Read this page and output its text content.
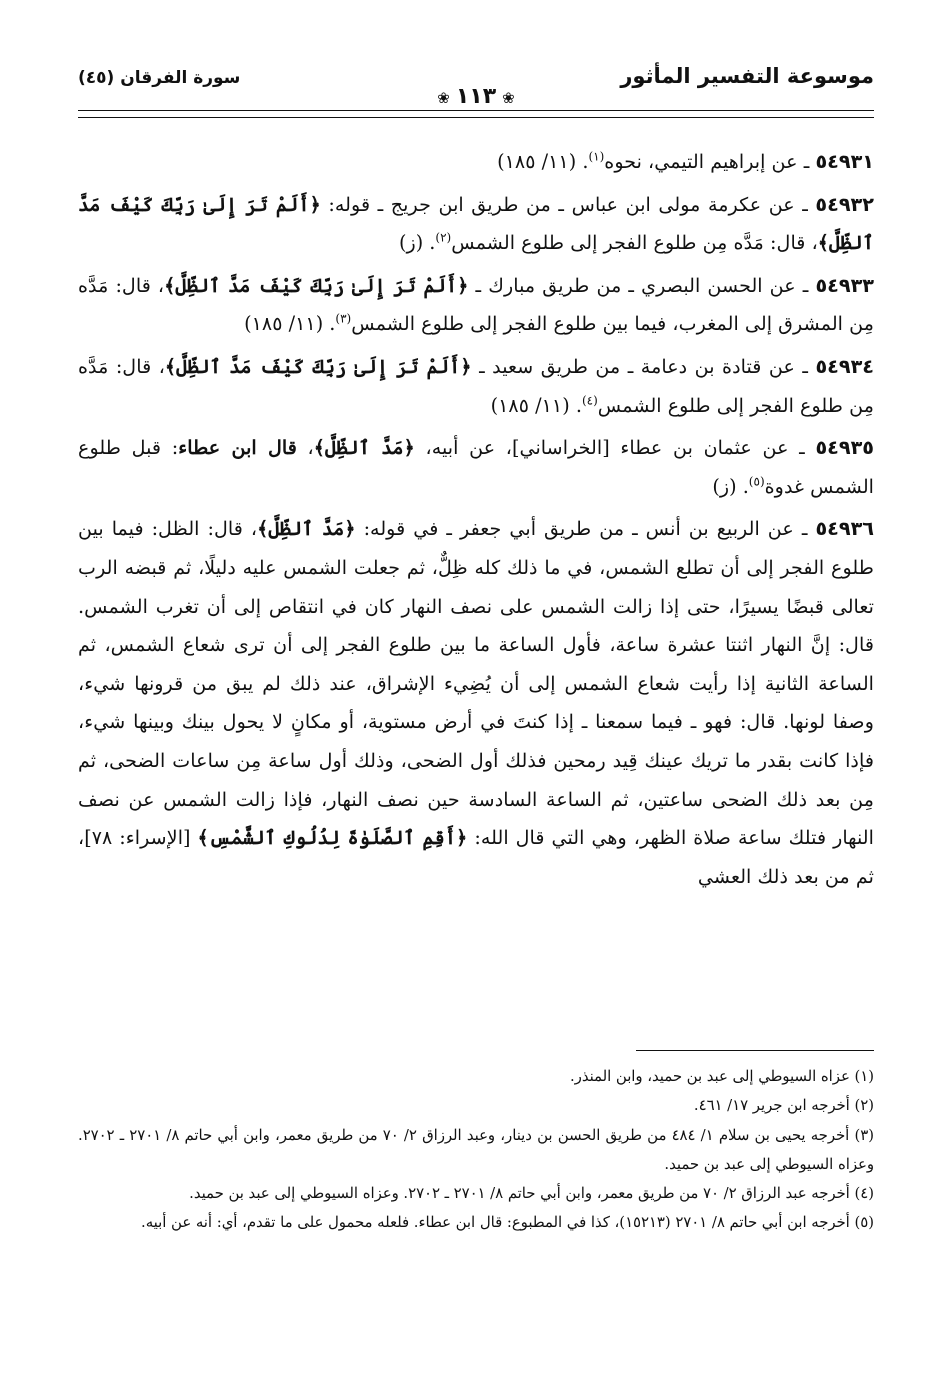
موسوعة التفسير المأثور
❀١١٣❀
سورة الفرقان (٤٥)

٥٤٩٣١ ـ عن إبراهيم التيمي، نحوه$^{(١)}$. (١١/ ١٨٥)

٥٤٩٣٢ ـ عن عكرمة مولى ابن عباس ـ من طريق ابن جريج ـ قوله: ﴿أَلَمْ تَرَ إِلَىٰ رَبِّكَ كَيْفَ مَدَّ ٱلظِّلَّ﴾، قال: مَدَّه مِن طلوع الفجر إلى طلوع الشمس$^{(٢)}$. (ز)

٥٤٩٣٣ ـ عن الحسن البصري ـ من طريق مبارك ـ ﴿أَلَمْ تَرَ إِلَىٰ رَبِّكَ كَيْفَ مَدَّ ٱلظِّلَّ﴾، قال: مَدَّه مِن المشرق إلى المغرب، فيما بين طلوع الفجر إلى طلوع الشمس$^{(٣)}$. (١١/ ١٨٥)

٥٤٩٣٤ ـ عن قتادة بن دعامة ـ من طريق سعيد ـ ﴿أَلَمْ تَرَ إِلَىٰ رَبِّكَ كَيْفَ مَدَّ ٱلظِّلَّ﴾، قال: مَدَّه مِن طلوع الفجر إلى طلوع الشمس$^{(٤)}$. (١١/ ١٨٥)

٥٤٩٣٥ ـ عن عثمان بن عطاء [الخراساني]، عن أبيه، ﴿مَدَّ ٱلظِّلَّ﴾، قال ابن عطاء: قبل طلوع الشمس غدوة$^{(٥)}$. (ز)

٥٤٩٣٦ ـ عن الربيع بن أنس ـ من طريق أبي جعفر ـ في قوله: ﴿مَدَّ ٱلظِّلَّ﴾، قال: الظل: فيما بين طلوع الفجر إلى أن تطلع الشمس، في ما ذلك كله ظِلٌّ، ثم جعلت الشمس عليه دليلًا، ثم قبضه الرب تعالى قبضًا يسيرًا، حتى إذا زالت الشمس على نصف النهار كان في انتقاص إلى أن تغرب الشمس. قال: إنَّ النهار اثنتا عشرة ساعة، فأول الساعة ما بين طلوع الفجر إلى أن ترى شعاع الشمس، ثم الساعة الثانية إذا رأيت شعاع الشمس إلى أن يُضِيء الإشراق، عند ذلك لم يبق من قرونها شيء، وصفا لونها. قال: فهو ـ فيما سمعنا ـ إذا كنتَ في أرض مستوية، أو مكانٍ لا يحول بينك وبينها شيء، فإذا كانت بقدر ما تريك عينك قِيد رمحين فذلك أول الضحى، وذلك أول ساعة مِن ساعات الضحى، ثم مِن بعد ذلك الضحى ساعتين، ثم الساعة السادسة حين نصف النهار، فإذا زالت الشمس عن نصف النهار فتلك ساعة صلاة الظهر، وهي التي قال الله: ﴿أَقِمِ ٱلصَّلَوٰةَ لِدُلُوكِ ٱلشَّمْسِ﴾ [الإسراء: ٧٨]، ثم من بعد ذلك العشي

(١) عزاه السيوطي إلى عبد بن حميد، وابن المنذر.

(٢) أخرجه ابن جرير ١٧/ ٤٦١.

(٣) أخرجه يحيى بن سلام ١/ ٤٨٤ من طريق الحسن بن دينار، وعبد الرزاق ٢/ ٧٠ من طريق معمر، وابن أبي حاتم ٨/ ٢٧٠١ ـ ٢٧٠٢. وعزاه السيوطي إلى عبد بن حميد.

(٤) أخرجه عبد الرزاق ٢/ ٧٠ من طريق معمر، وابن أبي حاتم ٨/ ٢٧٠١ ـ ٢٧٠٢. وعزاه السيوطي إلى عبد بن حميد.

(٥) أخرجه ابن أبي حاتم ٨/ ٢٧٠١ (١٥٢١٣)، كذا في المطبوع: قال ابن عطاء. فلعله محمول على ما تقدم، أي: أنه عن أبيه.
